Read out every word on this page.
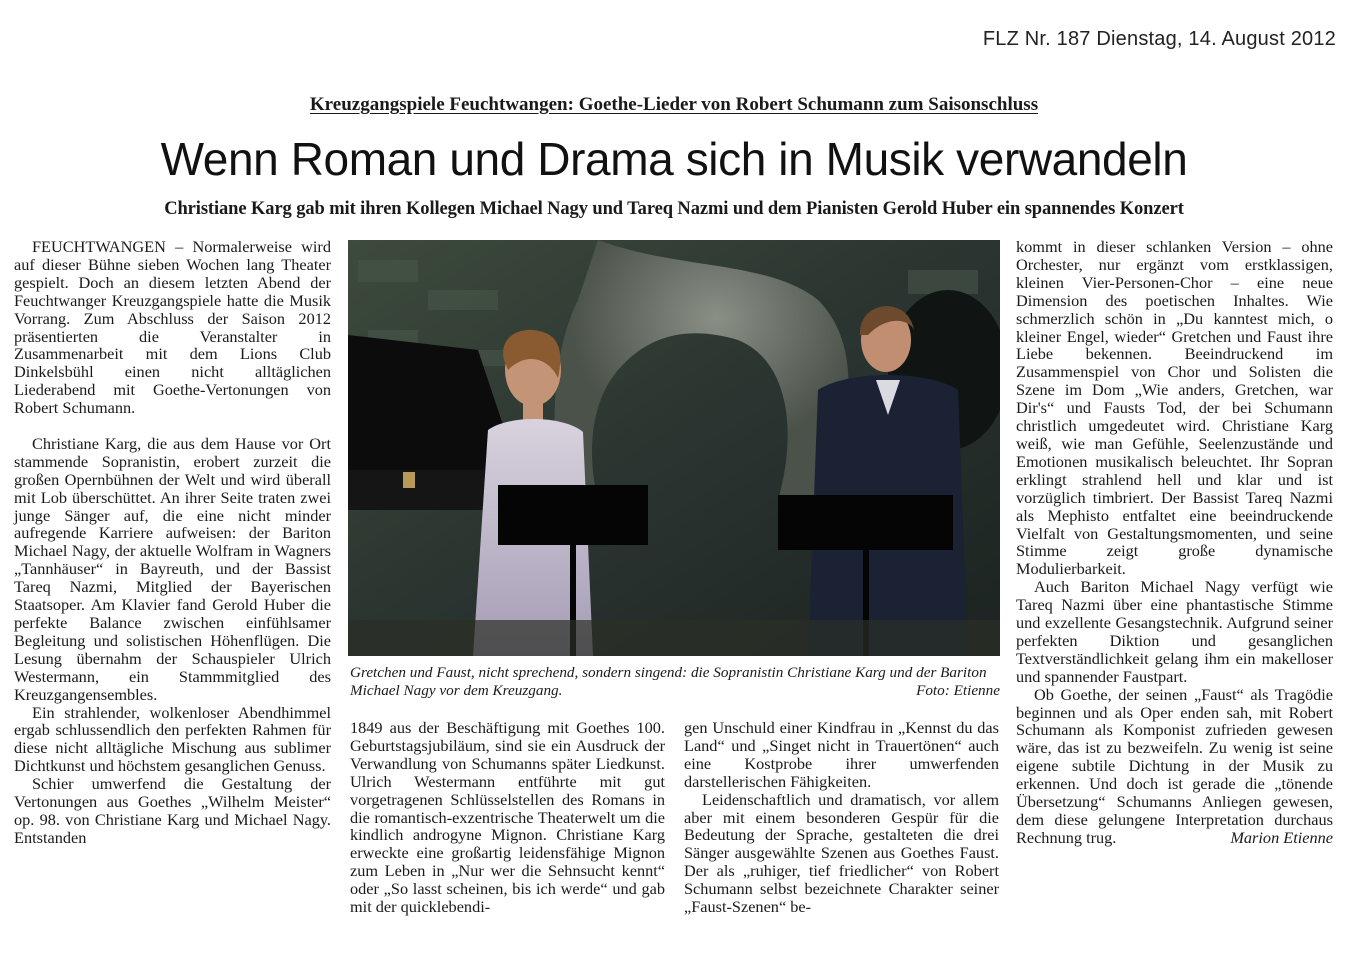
FLZ Nr. 187 Dienstag, 14. August 2012
Kreuzgangspiele Feuchtwangen: Goethe-Lieder von Robert Schumann zum Saisonschluss
Wenn Roman und Drama sich in Musik verwandeln
Christiane Karg gab mit ihren Kollegen Michael Nagy und Tareq Nazmi und dem Pianisten Gerold Huber ein spannendes Konzert

FEUCHTWANGEN – Normalerweise wird auf dieser Bühne sieben Wochen lang Theater gespielt. Doch an diesem letzten Abend der Feuchtwanger Kreuzgangspiele hatte die Musik Vorrang. Zum Abschluss der Saison 2012 präsentierten die Veranstalter in Zusammenarbeit mit dem Lions Club Dinkelsbühl einen nicht alltäglichen Liederabend mit Goethe-Vertonungen von Robert Schumann.

Christiane Karg, die aus dem Hause vor Ort stammende Sopranistin, erobert zurzeit die großen Opernbühnen der Welt und wird überall mit Lob überschüttet. An ihrer Seite traten zwei junge Sänger auf, die eine nicht minder aufregende Karriere aufweisen: der Bariton Michael Nagy, der aktuelle Wolfram in Wagners „Tannhäuser“ in Bayreuth, und der Bassist Tareq Nazmi, Mitglied der Bayerischen Staatsoper. Am Klavier fand Gerold Huber die perfekte Balance zwischen einfühlsamer Begleitung und solistischen Höhenflügen. Die Lesung übernahm der Schauspieler Ulrich Westermann, ein Stammmitglied des Kreuzgangensembles.

Ein strahlender, wolkenloser Abendhimmel ergab schlussendlich den perfekten Rahmen für diese nicht alltägliche Mischung aus sublimer Dichtkunst und höchstem gesanglichen Genuss.

Schier umwerfend die Gestaltung der Vertonungen aus Goethes „Wilhelm Meister“ op. 98. von Christiane Karg und Michael Nagy. Entstanden

Gretchen und Faust, nicht sprechend, sondern singend: die Sopranistin Christiane Karg und der Bariton Michael Nagy vor dem Kreuzgang.	Foto: Etienne

1849 aus der Beschäftigung mit Goethes 100. Geburtstagsjubiläum, sind sie ein Ausdruck der Verwandlung von Schumanns später Liedkunst. Ulrich Westermann entführte mit gut vorgetragenen Schlüsselstellen des Romans in die romantisch-exzentrische Theaterwelt um die kindlich androgyne Mignon. Christiane Karg erweckte eine großartig leidensfähige Mignon zum Leben in „Nur wer die Sehnsucht kennt“ oder „So lasst scheinen, bis ich werde“ und gab mit der quicklebendi-

gen Unschuld einer Kindfrau in „Kennst du das Land“ und „Singet nicht in Trauertönen“ auch eine Kostprobe ihrer umwerfenden darstellerischen Fähigkeiten.

Leidenschaftlich und dramatisch, vor allem aber mit einem besonderen Gespür für die Bedeutung der Sprache, gestalteten die drei Sänger ausgewählte Szenen aus Goethes Faust. Der als „ruhiger, tief friedlicher“ von Robert Schumann selbst bezeichnete Charakter seiner „Faust-Szenen“ be-

kommt in dieser schlanken Version – ohne Orchester, nur ergänzt vom erstklassigen, kleinen Vier-Personen-Chor – eine neue Dimension des poetischen Inhaltes. Wie schmerzlich schön in „Du kanntest mich, o kleiner Engel, wieder“ Gretchen und Faust ihre Liebe bekennen. Beeindruckend im Zusammenspiel von Chor und Solisten die Szene im Dom „Wie anders, Gretchen, war Dir's“ und Fausts Tod, der bei Schumann christlich umgedeutet wird. Christiane Karg weiß, wie man Gefühle, Seelenzustände und Emotionen musikalisch beleuchtet. Ihr Sopran erklingt strahlend hell und klar und ist vorzüglich timbriert. Der Bassist Tareq Nazmi als Mephisto entfaltet eine beeindruckende Vielfalt von Gestaltungsmomenten, und seine Stimme zeigt große dynamische Modulierbarkeit.

Auch Bariton Michael Nagy verfügt wie Tareq Nazmi über eine phantastische Stimme und exzellente Gesangstechnik. Aufgrund seiner perfekten Diktion und gesanglichen Textverständlichkeit gelang ihm ein makelloser und spannender Faustpart.

Ob Goethe, der seinen „Faust“ als Tragödie beginnen und als Oper enden sah, mit Robert Schumann als Komponist zufrieden gewesen wäre, das ist zu bezweifeln. Zu wenig ist seine eigene subtile Dichtung in der Musik zu erkennen. Und doch ist gerade die „tönende Übersetzung“ Schumanns Anliegen gewesen, dem diese gelungene Interpretation durchaus Rechnung trug.	Marion Etienne
